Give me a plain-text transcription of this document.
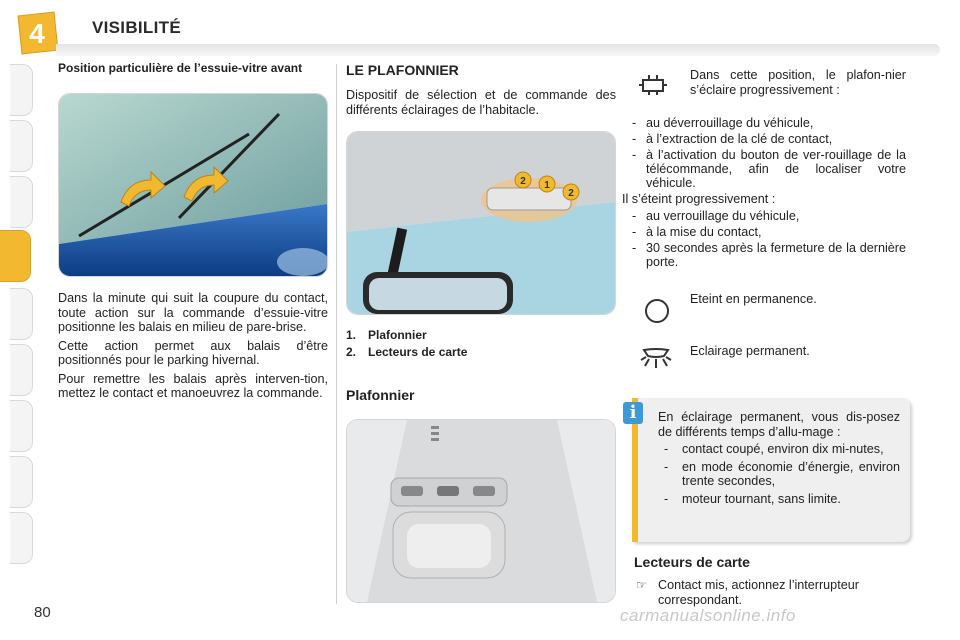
4	VISIBILITÉ
Position particulière de l’essuie-vitre avant

Dans la minute qui suit la coupure du contact, toute action sur la commande d’essuie-vitre positionne les balais en milieu de pare-brise.

Cette action permet aux balais d’être positionnés pour le parking hivernal.

Pour remettre les balais après interven-tion, mettez le contact et manoeuvrez la commande.

LE PLAFONNIER

Dispositif de sélection et de commande des différents éclairages de l’habitacle.

2 1
2
1. Plafonnier
2. Lecteurs de carte
Plafonnier

Dans cette position, le plafon-nier s’éclaire progressivement :

- au déverrouillage du véhicule,
- à l’extraction de la clé de contact,
- à l’activation du bouton de ver-rouillage de la télécommande, afin de localiser votre véhicule.

Il s’éteint progressivement :

- au verrouillage du véhicule,
- à la mise du contact,
- 30 secondes après la fermeture de la dernière porte.

Eteint en permanence.

Eclairage permanent.

En éclairage permanent, vous dis-posez de différents temps d’allu-mage :

-	contact coupé, environ dix mi-nutes,
-	en mode économie d’énergie, environ trente secondes,
-	moteur tournant, sans limite.
i
Lecteurs de carte
☞ Contact mis, actionnez l’interrupteur correspondant.
80	carmanualsonline.info
